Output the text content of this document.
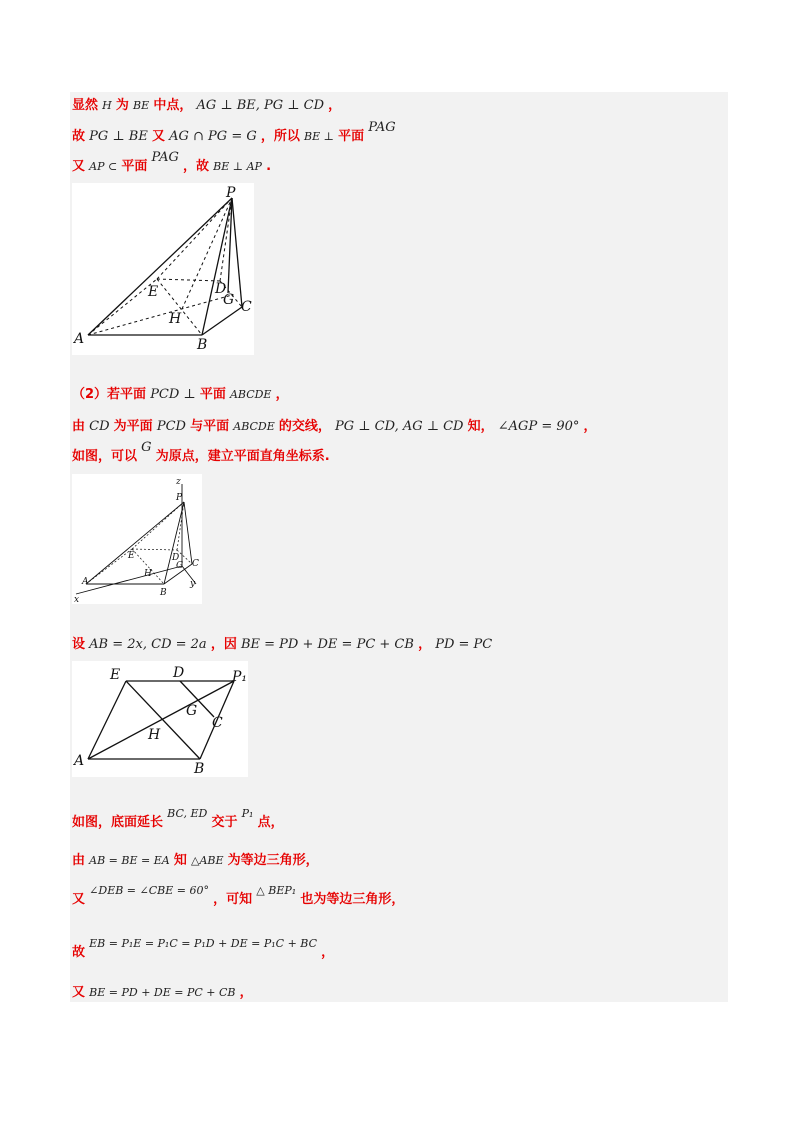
显然 H 为 BE 中点， AG ⊥ BE, PG ⊥ CD ，
故 PG ⊥ BE 又 AG ∩ PG = G ，所以 BE ⊥ 平面 PAG
又 AP ⊂ 平面 PAG ，故 BE ⊥ AP .
P
E	D
G C
H
A	B
（2）若平面 PCD ⊥ 平面 ABCDE ，
由 CD 为平面 PCD 与平面 ABCDE 的交线， PG ⊥ CD, AG ⊥ CD 知， ∠AGP = 90° ，
如图，可以 G 为原点，建立平面直角坐标系.
z
P
E	D
G C
H
A
B
x
y
设 AB = 2x, CD = 2a ，因 BE = PD + DE = PC + CB ， PD = PC
E	D	P₁
G
C
H
A	B
如图，底面延长 $^{BC, ED}$ 交于 $^{P_1}$ 点，
由 AB = BE = EA 知 △ABE 为等边三角形，
又 $^{\angle DEB = \angle CBE = 60^\circ}$ ，可知 $^{\triangle BEP_1}$ 也为等边三角形，
故 $^{EB = P_1E = P_1C = P_1D + DE = P_1C + BC}$ ，
又 BE = PD + DE = PC + CB ，
